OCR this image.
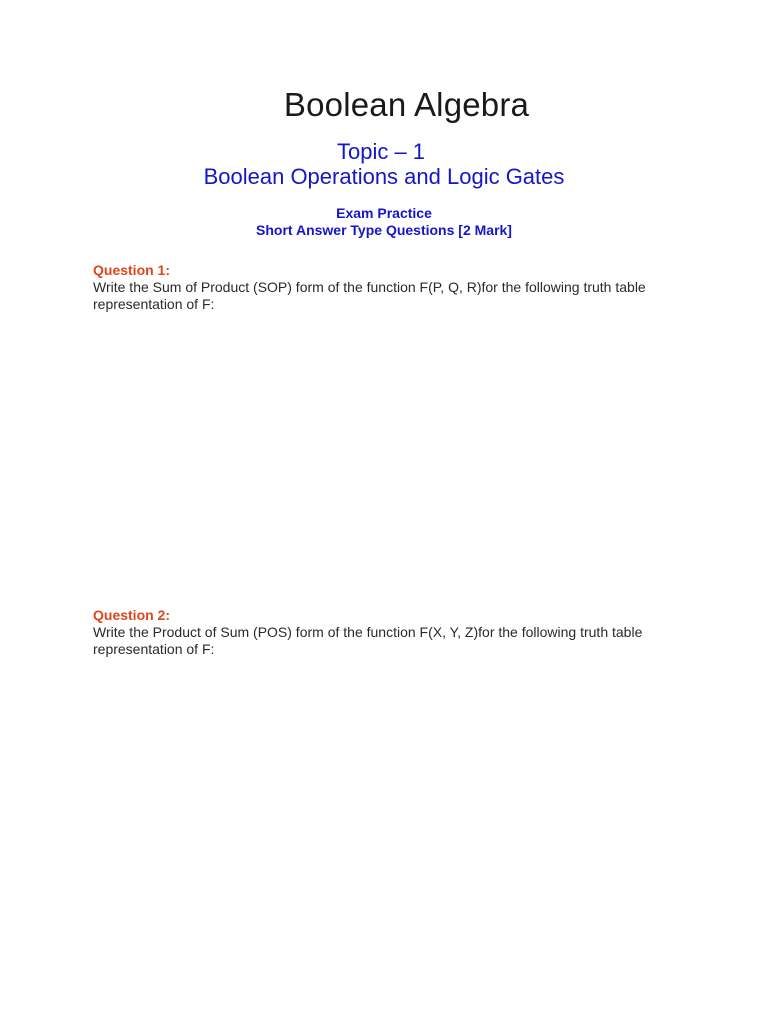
Boolean Algebra
Topic – 1
Boolean Operations and Logic Gates
Exam Practice
Short Answer Type Questions [2 Mark]

Question 1:

Write the Sum of Product (SOP) form of the function F(P, Q, R)for the following truth table representation of F:

Question 2:

Write the Product of Sum (POS) form of the function F(X, Y, Z)for the following truth table representation of F:
